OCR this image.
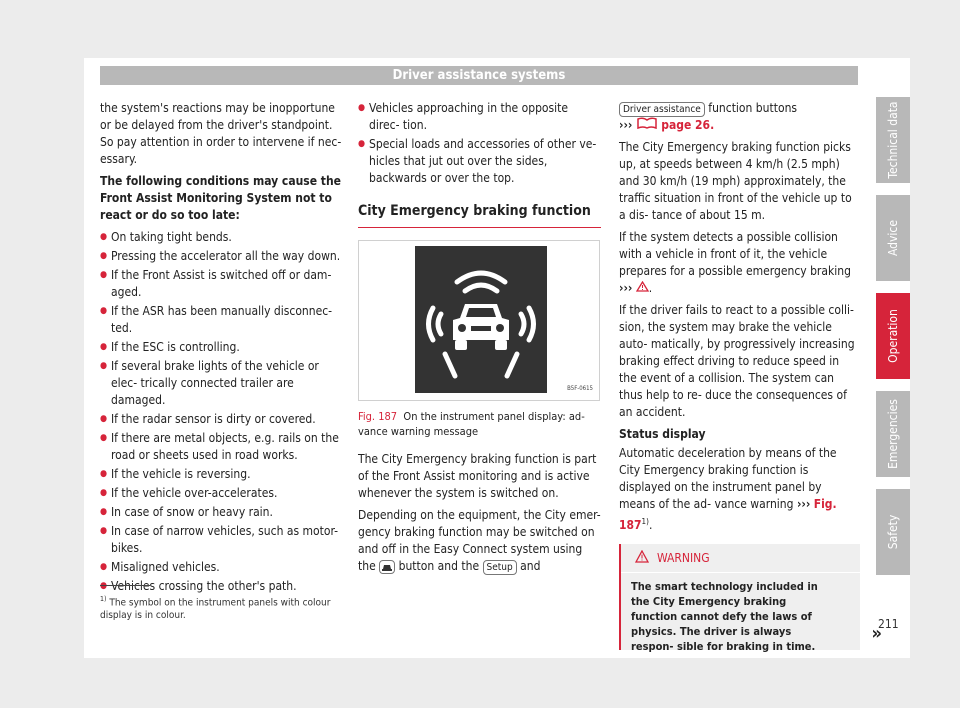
Driver assistance systems

the system's reactions may be inopportune or be delayed from the driver's standpoint. So pay attention in order to intervene if nec- essary.

The following conditions may cause the Front Assist Monitoring System not to react or do so too late:

● On taking tight bends.
● Pressing the accelerator all the way down.
● If the Front Assist is switched off or dam- aged.
● If the ASR has been manually disconnec- ted.
● If the ESC is controlling.
● If several brake lights of the vehicle or elec- trically connected trailer are damaged.
● If the radar sensor is dirty or covered.
● If there are metal objects, e.g. rails on the road or sheets used in road works.
● If the vehicle is reversing.
● If the vehicle over-accelerates.
● In case of snow or heavy rain.
● In case of narrow vehicles, such as motor- bikes.
● Misaligned vehicles.
● Vehicles crossing the other's path.
● Vehicles approaching in the opposite direc- tion.
● Special loads and accessories of other ve- hicles that jut out over the sides, backwards or over the top.
City Emergency braking function
B5F-0615
Fig. 187 On the instrument panel display: ad- vance warning message

The City Emergency braking function is part of the Front Assist monitoring and is active whenever the system is switched on.

Depending on the equipment, the City emer- gency braking function may be switched on and off in the Easy Connect system using the button and the Setup and

Driver assistance function buttons
››› page 26.

The City Emergency braking function picks up, at speeds between 4 km/h (2.5 mph) and 30 km/h (19 mph) approximately, the traffic situation in front of the vehicle up to a dis- tance of about 15 m.

If the system detects a possible collision with a vehicle in front of it, the vehicle prepares for a possible emergency braking ››› .

If the driver fails to react to a possible colli- sion, the system may brake the vehicle auto- matically, by progressively increasing braking effect driving to reduce speed in the event of a collision. The system can thus help to re- duce the consequences of an accident.

Status display

Automatic deceleration by means of the City Emergency braking function is displayed on the instrument panel by means of the ad- vance warning ››› Fig. 187$^{1)}$.

WARNING
The smart technology included in the City Emergency braking function cannot defy the laws of physics. The driver is always respon- sible for braking in time.
»
$^{1)}$ The symbol on the instrument panels with colour display is in colour.
211
Technical data
Advice
Operation
Emergencies
Safety
